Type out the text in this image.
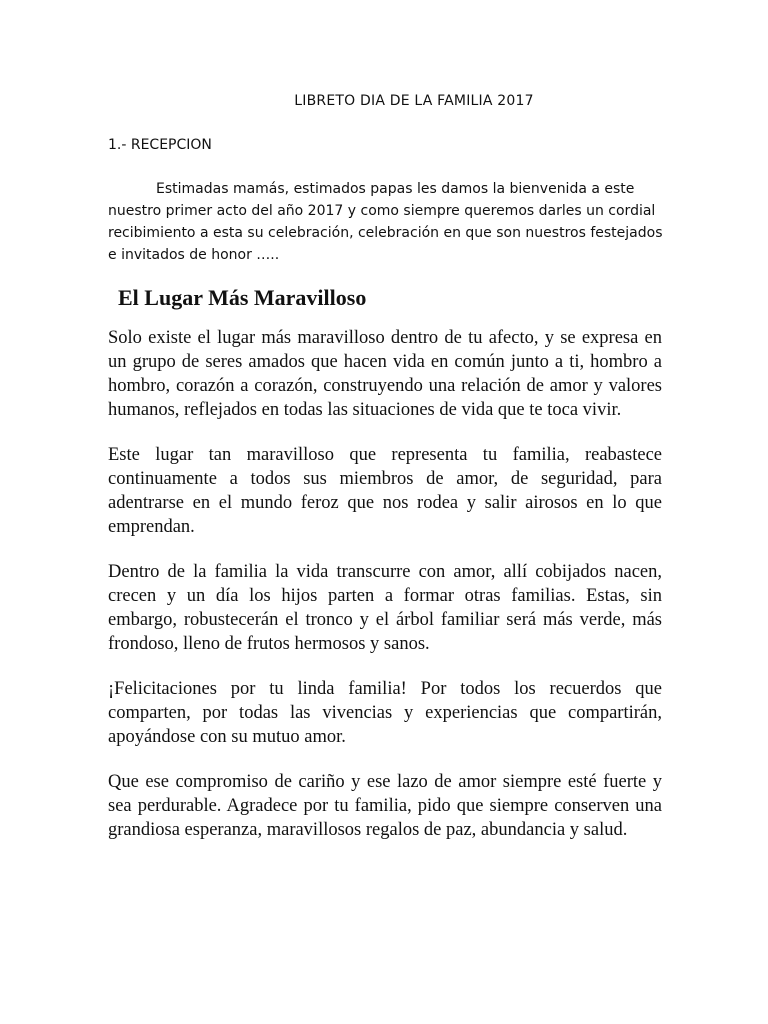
LIBRETO DIA DE LA FAMILIA 2017
1.- RECEPCION
Estimadas mamás, estimados papas les damos la bienvenida a este nuestro primer acto del año 2017 y como siempre queremos darles un cordial recibimiento a esta su celebración, celebración en que son nuestros festejados e invitados de honor …..
El Lugar Más Maravilloso

Solo existe el lugar más maravilloso dentro de tu afecto, y se expresa en un grupo de seres amados que hacen vida en común junto a ti, hombro a hombro, corazón a corazón, construyendo una relación de amor y valores humanos, reflejados en todas las situaciones de vida que te toca vivir.

Este lugar tan maravilloso que representa tu familia, reabastece continuamente a todos sus miembros de amor, de seguridad, para adentrarse en el mundo feroz que nos rodea y salir airosos en lo que emprendan.

Dentro de la familia la vida transcurre con amor, allí cobijados nacen, crecen y un día los hijos parten a formar otras familias. Estas, sin embargo, robustecerán el tronco y el árbol familiar será más verde, más frondoso, lleno de frutos hermosos y sanos.

¡Felicitaciones por tu linda familia! Por todos los recuerdos que comparten, por todas las vivencias y experiencias que compartirán, apoyándose con su mutuo amor.

Que ese compromiso de cariño y ese lazo de amor siempre esté fuerte y sea perdurable. Agradece por tu familia, pido que siempre conserven una grandiosa esperanza, maravillosos regalos de paz, abundancia y salud.
